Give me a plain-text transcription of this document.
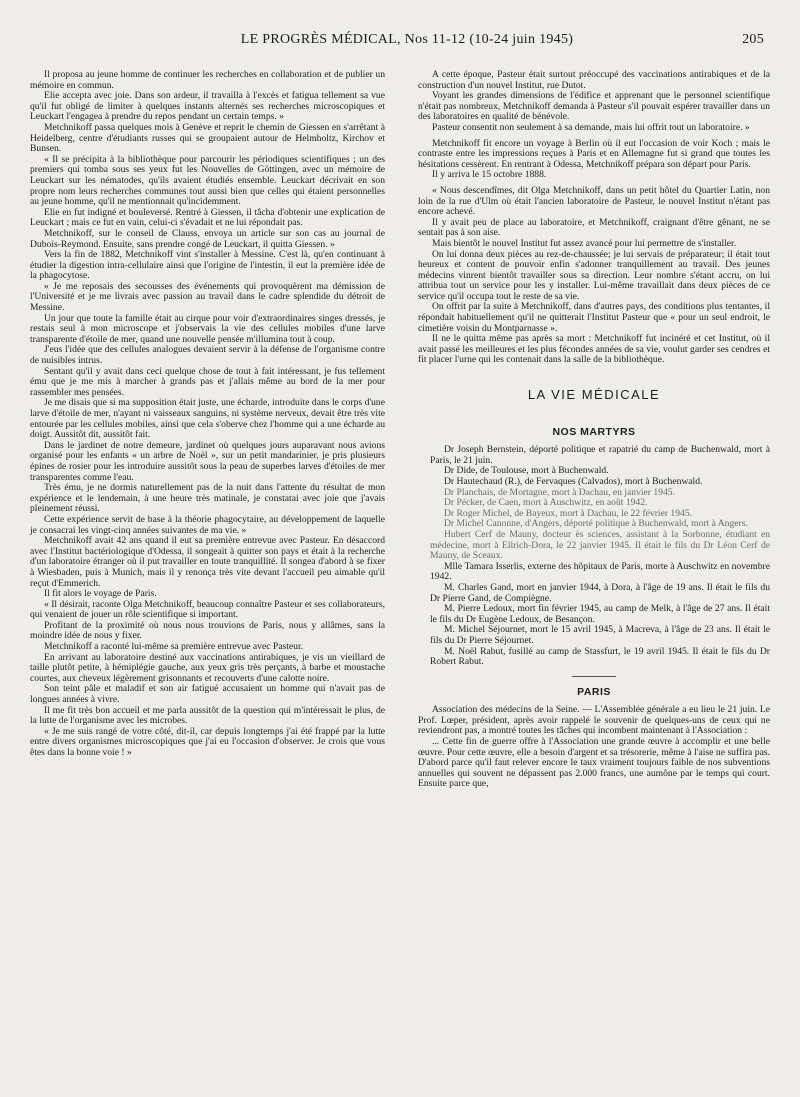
LE PROGRÈS MÉDICAL, Nos 11-12 (10-24 juin 1945)	205

Il proposa au jeune homme de continuer les recherches en collaboration et de publier un mémoire en commun.

Elie accepta avec joie. Dans son ardeur, il travailla à l'excès et fatigua tellement sa vue qu'il fut obligé de limiter à quelques instants alternés ses recherches microscopiques et Leuckart l'engagea à prendre du repos pendant un certain temps. »

Metchnikoff passa quelques mois à Genève et reprit le chemin de Giessen en s'arrêtant à Heidelberg, centre d'étudiants russes qui se groupaient autour de Helmholtz, Kirchov et Bunsen.

« Il se précipita à la bibliothèque pour parcourir les périodiques scientifiques ; un des premiers qui tomba sous ses yeux fut les Nouvelles de Göttingen, avec un mémoire de Leuckart sur les nématodes, qu'ils avaient étudiés ensemble. Leuckart décrivait en son propre nom leurs recherches communes tout aussi bien que celles qui étaient personnelles au jeune homme, qu'il ne mentionnait qu'incidemment.

Elie en fut indigné et bouleversé. Rentré à Giessen, il tâcha d'obtenir une explication de Leuckart ; mais ce fut en vain, celui-ci s'évadait et ne lui répondait pas.

Metchnikoff, sur le conseil de Clauss, envoya un article sur son cas au journal de Dubois-Reymond. Ensuite, sans prendre congé de Leuckart, il quitta Giessen. »

Vers la fin de 1882, Metchnikoff vint s'installer à Messine. C'est là, qu'en continuant à étudier la digestion intra-cellulaire ainsi que l'origine de l'intestin, il eut la première idée de la phagocytose.

« Je me reposais des secousses des événements qui provoquèrent ma démission de l'Université et je me livrais avec passion au travail dans le cadre splendide du détroit de Messine.

Un jour que toute la famille était au cirque pour voir d'extraordinaires singes dressés, je restais seul à mon microscope et j'observais la vie des cellules mobiles d'une larve transparente d'étoile de mer, quand une nouvelle pensée m'illumina tout à coup.

J'eus l'idée que des cellules analogues devaient servir à la défense de l'organisme contre de nuisibles intrus.

Sentant qu'il y avait dans ceci quelque chose de tout à fait intéressant, je fus tellement ému que je me mis à marcher à grands pas et j'allais même au bord de la mer pour rassembler mes pensées.

Je me disais que si ma supposition était juste, une écharde, introduite dans le corps d'une larve d'étoile de mer, n'ayant ni vaisseaux sanguins, ni système nerveux, devait être très vite entourée par les cellules mobiles, ainsi que cela s'oberve chez l'homme qui a une écharde au doigt. Aussitôt dit, aussitôt fait.

Dans le jardinet de notre demeure, jardinet où quelques jours auparavant nous avions organisé pour les enfants « un arbre de Noël », sur un petit mandarinier, je pris plusieurs épines de rosier pour les introduire aussitôt sous la peau de superbes larves d'étoiles de mer transparentes comme l'eau.

Très ému, je ne dormis naturellement pas de la nuit dans l'attente du résultat de mon expérience et le lendemain, à une heure très matinale, je constatai avec joie que j'avais pleinement réussi.

Cette expérience servit de base à la théorie phagocytaire, au développement de laquelle je consacrai les vingt-cinq années suivantes de ma vie. »

Metchnikoff avait 42 ans quand il eut sa première entrevue avec Pasteur. En désaccord avec l'Institut bactériologique d'Odessa, il songeait à quitter son pays et était à la recherche d'un laboratoire étranger où il put travailler en toute tranquillité. Il songea d'abord à se fixer à Wiesbaden, puis à Munich, mais il y renonça très vite devant l'accueil peu aimable qu'il reçut d'Emmerich.

Il fit alors le voyage de Paris.

« Il désirait, raconte Olga Metchnikoff, beaucoup connaître Pasteur et ses collaborateurs, qui venaient de jouer un rôle scientifique si important.

Profitant de la proximité où nous nous trouvions de Paris, nous y allâmes, sans la moindre idée de nous y fixer.

Metchnikoff a raconté lui-même sa première entrevue avec Pasteur.

En arrivant au laboratoire destiné aux vaccinations antirabiques, je vis un vieillard de taille plutôt petite, à hémiplégie gauche, aux yeux gris très perçants, à barbe et moustache courtes, aux cheveux légèrement grisonnants et recouverts d'une calotte noire.

Son teint pâle et maladif et son air fatigué accusaient un homme qui n'avait pas de longues années à vivre.

Il me fit très bon accueil et me parla aussitôt de la question qui m'intéressait le plus, de la lutte de l'organisme avec les microbes.

« Je me suis rangé de votre côté, dit-il, car depuis longtemps j'ai été frappé par la lutte entre divers organismes microscopiques que j'ai eu l'occasion d'observer. Je crois que vous êtes dans la bonne voie ! »

A cette époque, Pasteur était surtout préoccupé des vaccinations antirabiques et de la construction d'un nouvel Institut, rue Dutot.

Voyant les grandes dimensions de l'édifice et apprenant que le personnel scientifique n'était pas nombreux, Metchnikoff demanda à Pasteur s'il pouvait espérer travailler dans un des laboratoires en qualité de bénévole.

Pasteur consentit non seulement à sa demande, mais lui offrit tout un laboratoire. »

Metchnikoff fit encore un voyage à Berlin où il eut l'occasion de voir Koch ; mais le contraste entre les impressions reçues à Paris et en Allemagne fut si grand que toutes les hésitations cessèrent. En rentrant à Odessa, Metchnikoff prépara son départ pour Paris.

Il y arriva le 15 octobre 1888.

« Nous descendîmes, dit Olga Metchnikoff, dans un petit hôtel du Quartier Latin, non loin de la rue d'Ulm où était l'ancien laboratoire de Pasteur, le nouvel Institut n'étant pas encore achevé.

Il y avait peu de place au laboratoire, et Metchnikoff, craignant d'être gênant, ne se sentait pas à son aise.

Mais bientôt le nouvel Institut fut assez avancé pour lui permettre de s'installer.

On lui donna deux pièces au rez-de-chaussée; je lui servais de préparateur; il était tout heureux et content de pouvoir enfin s'adonner tranquillement au travail. Des jeunes médecins vinrent bientôt travailler sous sa direction. Leur nombre s'étant accru, on lui attribua tout un service pour les y installer. Lui-même travaillait dans deux pièces de ce service qu'il occupa tout le reste de sa vie.

On offrit par la suite à Metchnikoff, dans d'autres pays, des conditions plus tentantes, il répondait habituellement qu'il ne quitterait l'Institut Pasteur que « pour un seul endroit, le cimetière voisin du Montparnasse ».

Il ne le quitta même pas après sa mort : Metchnikoff fut incinéré et cet Institut, où il avait passé les meilleures et les plus fécondes années de sa vie, voulut garder ses cendres et fit placer l'urne qui les contenait dans la salle de la bibliothèque.

LA VIE MÉDICALE
NOS MARTYRS

Dr Joseph Bernstein, déporté politique et rapatrié du camp de Buchenwald, mort à Paris, le 21 juin.

Dr Dide, de Toulouse, mort à Buchenwald.

Dr Hautechaud (R.), de Fervaques (Calvados), mort à Buchenwald.

Dr Planchais, de Mortagne, mort à Dachau, en janvier 1945.

Dr Pécker, de Caen, mort à Auschwitz, en août 1942.

Dr Roger Michel, de Bayeux, mort à Dachau, le 22 février 1945.

Dr Michel Canonne, d'Angers, déporté politique à Buchenwald, mort à Angers.

Hubert Cerf de Mauny, docteur ès sciences, assistant à la Sorbonne, étudiant en médecine, mort à Ellrich-Dora, le 22 janvier 1945. Il était le fils du Dr Léon Cerf de Mauny, de Sceaux.

Mlle Tamara Isserlis, externe des hôpitaux de Paris, morte à Auschwitz en novembre 1942.

M. Charles Gand, mort en janvier 1944, à Dora, à l'âge de 19 ans. Il était le fils du Dr Pierre Gand, de Compiègne.

M. Pierre Ledoux, mort fin février 1945, au camp de Melk, à l'âge de 27 ans. Il était le fils du Dr Eugène Ledoux, de Besançon.

M. Michel Séjournet, mort le 15 avril 1945, à Macreva, à l'âge de 23 ans. Il était le fils du Dr Pierre Séjournet.

M. Noël Rabut, fusillé au camp de Stassfurt, le 19 avril 1945. Il était le fils du Dr Robert Rabut.

PARIS

Association des médecins de la Seine. — L'Assemblée générale a eu lieu le 21 juin. Le Prof. Lœper, président, après avoir rappelé le souvenir de quelques-uns de ceux qui ne reviendront pas, a montré toutes les tâches qui incombent maintenant à l'Association :

... Cette fin de guerre offre à l'Association une grande œuvre à accomplir et une belle œuvre. Pour cette œuvre, elle a besoin d'argent et sa trésorerie, même à l'aise ne suffira pas. D'abord parce qu'il faut relever encore le taux vraiment toujours faible de nos subventions annuelles qui souvent ne dépassent pas 2.000 francs, une aumône par le temps qui court. Ensuite parce que,
